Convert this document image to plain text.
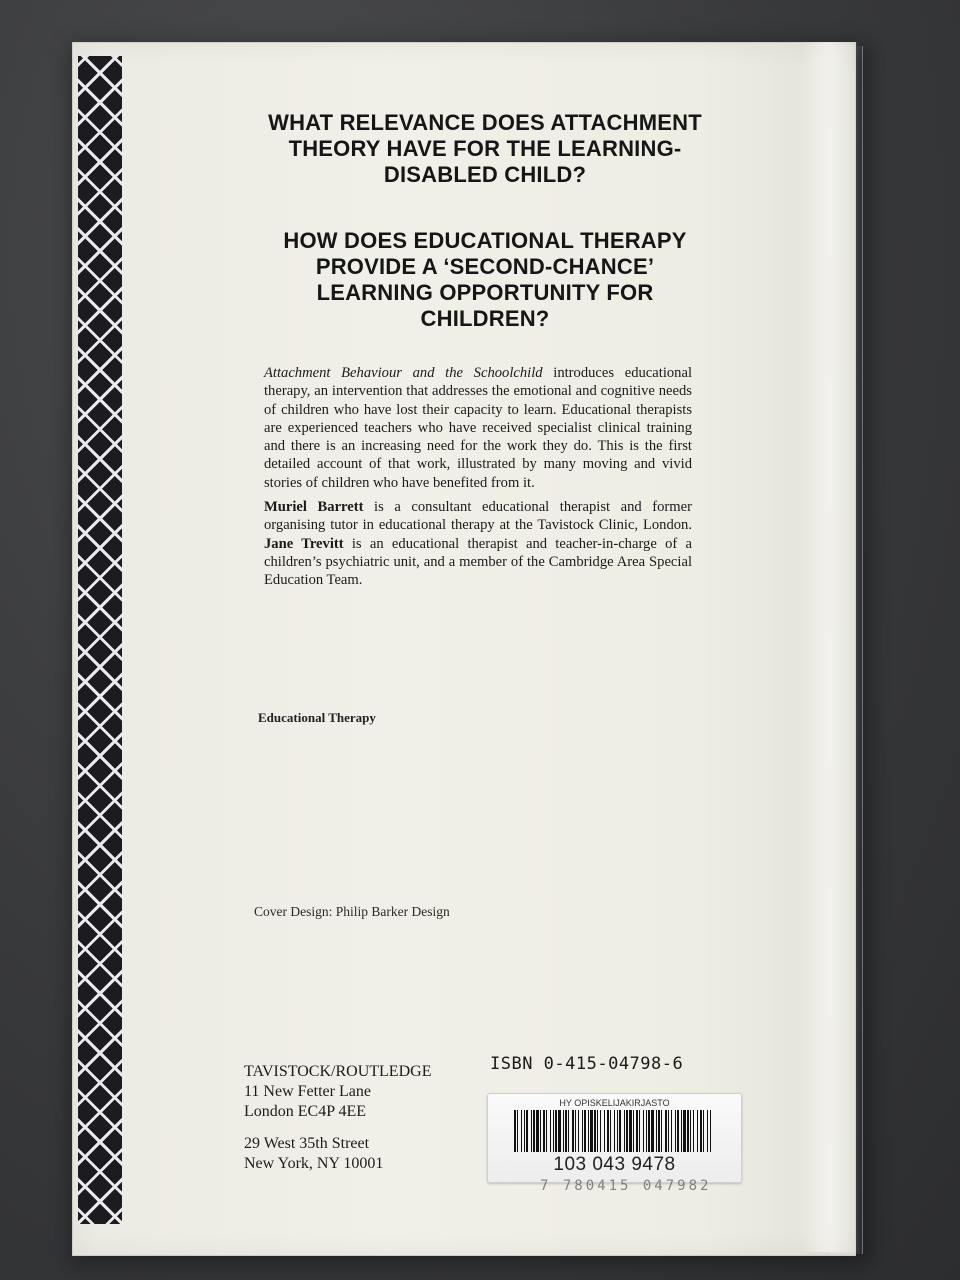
WHAT RELEVANCE DOES ATTACHMENT THEORY HAVE FOR THE LEARNING-DISABLED CHILD?
HOW DOES EDUCATIONAL THERAPY PROVIDE A ‘SECOND-CHANCE’ LEARNING OPPORTUNITY FOR CHILDREN?

Attachment Behaviour and the Schoolchild introduces educational therapy, an intervention that addresses the emotional and cognitive needs of children who have lost their capacity to learn. Educational therapists are experienced teachers who have received specialist clinical training and there is an increasing need for the work they do. This is the first detailed account of that work, illustrated by many moving and vivid stories of children who have benefited from it.

Muriel Barrett is a consultant educational therapist and former organising tutor in educational therapy at the Tavistock Clinic, London. Jane Trevitt is an educational therapist and teacher-in-charge of a children’s psychiatric unit, and a member of the Cambridge Area Special Education Team.

Educational Therapy
Cover Design: Philip Barker Design
TAVISTOCK/ROUTLEDGE
11 New Fetter Lane
London EC4P 4EE
29 West 35th Street
New York, NY 10001
ISBN 0-415-04798-6
HY OPISKELIJAKIRJASTO
103 043 9478
7 780415 047982
